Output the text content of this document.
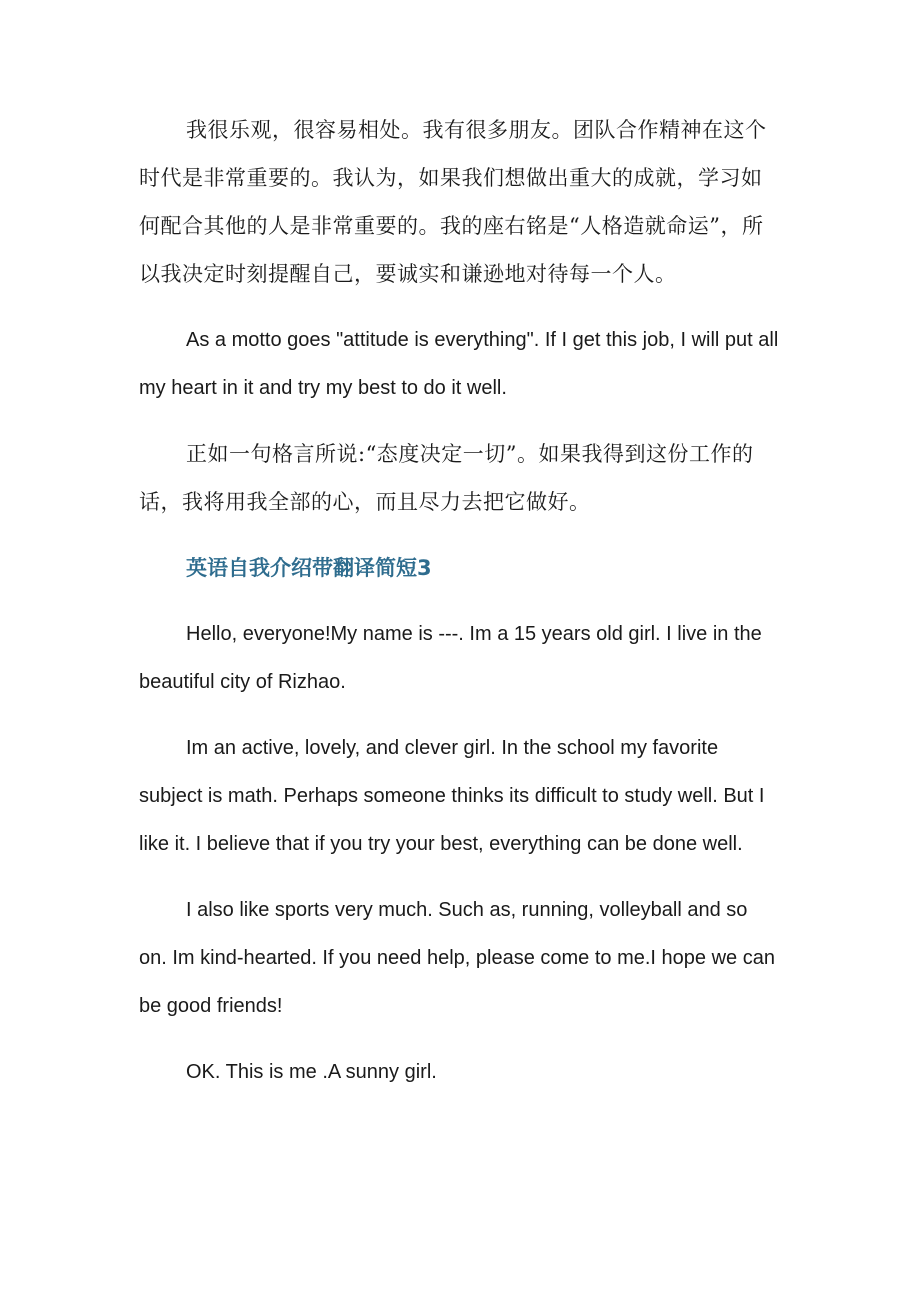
我很乐观，很容易相处。我有很多朋友。团队合作精神在这个时代是非常重要的。我认为，如果我们想做出重大的成就，学习如何配合其他的人是非常重要的。我的座右铭是“人格造就命运”，所以我决定时刻提醒自己，要诚实和谦逊地对待每一个人。

As a motto goes "attitude is everything". If I get this job, I will put all my heart in it and try my best to do it well.

正如一句格言所说:“态度决定一切”。如果我得到这份工作的话，我将用我全部的心，而且尽力去把它做好。

英语自我介绍带翻译简短3

Hello, everyone!My name is ---. Im a 15 years old girl. I live in the beautiful city of Rizhao.

Im an active, lovely, and clever girl. In the school my favorite subject is math. Perhaps someone thinks its difficult to study well. But I like it. I believe that if you try your best, everything can be done well.

I also like sports very much. Such as, running, volleyball and so on. Im kind-hearted. If you need help, please come to me.I hope we can be good friends!

OK. This is me .A sunny girl.
